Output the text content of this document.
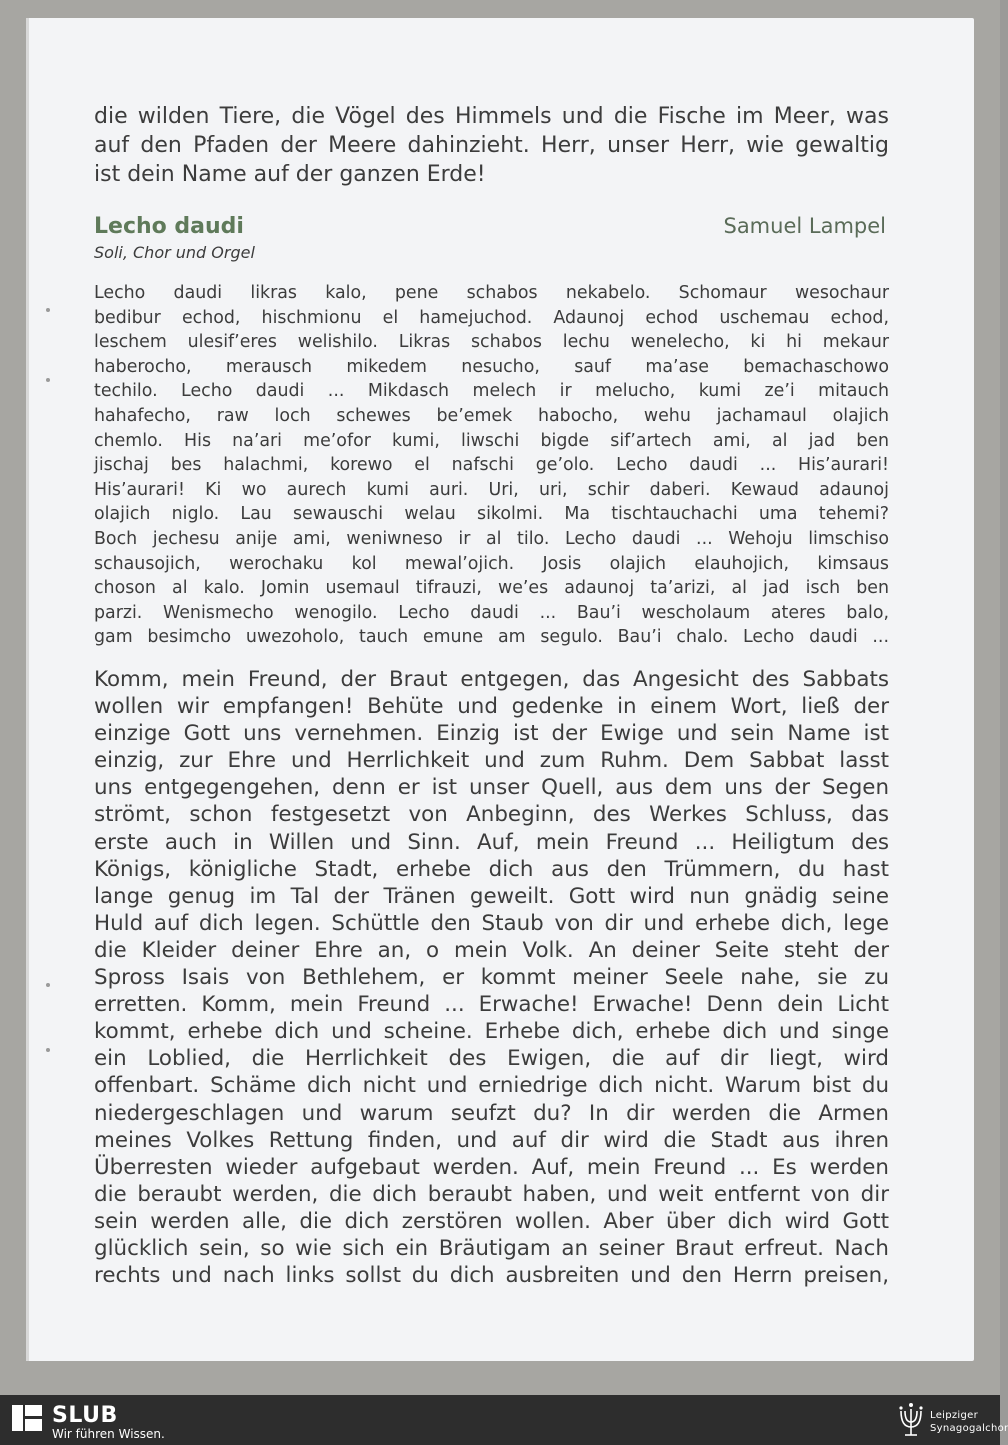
die wilden Tiere, die Vögel des Himmels und die Fische im Meer, was

auf den Pfaden der Meere dahinzieht. Herr, unser Herr, wie gewaltig

ist dein Name auf der ganzen Erde!

Lecho daudi	Samuel Lampel
Soli, Chor und Orgel

Lecho daudi likras kalo, pene schabos nekabelo. Schomaur wesochaur

bedibur echod, hischmionu el hamejuchod. Adaunoj echod uschemau echod,

leschem ulesif’eres welishilo. Likras schabos lechu wenelecho, ki hi mekaur

haberocho, merausch mikedem nesucho, sauf ma’ase bemachaschowo

techilo. Lecho daudi ... Mikdasch melech ir melucho, kumi ze’i mitauch

hahafecho, raw loch schewes be’emek habocho, wehu jachamaul olajich

chemlo. His na’ari me’ofor kumi, liwschi bigde sif’artech ami, al jad ben

jischaj bes halachmi, korewo el nafschi ge’olo. Lecho daudi ... His’aurari!

His’aurari! Ki wo aurech kumi auri. Uri, uri, schir daberi. Kewaud adaunoj

olajich niglo. Lau sewauschi welau sikolmi. Ma tischtauchachi uma tehemi?

Boch jechesu anije ami, weniwneso ir al tilo. Lecho daudi ... Wehoju limschiso

schausojich, werochaku kol mewal’ojich. Josis olajich elauhojich, kimsaus

choson al kalo. Jomin usemaul tifrauzi, we’es adaunoj ta’arizi, al jad isch ben

parzi. Wenismecho wenogilo. Lecho daudi ... Bau’i wescholaum ateres balo,

gam besimcho uwezoholo, tauch emune am segulo. Bau’i chalo. Lecho daudi ...

Komm, mein Freund, der Braut entgegen, das Angesicht des Sabbats

wollen wir empfangen! Behüte und gedenke in einem Wort, ließ der

einzige Gott uns vernehmen. Einzig ist der Ewige und sein Name ist

einzig, zur Ehre und Herrlichkeit und zum Ruhm. Dem Sabbat lasst

uns entgegengehen, denn er ist unser Quell, aus dem uns der Segen

strömt, schon festgesetzt von Anbeginn, des Werkes Schluss, das

erste auch in Willen und Sinn. Auf, mein Freund ... Heiligtum des

Königs, königliche Stadt, erhebe dich aus den Trümmern, du hast

lange genug im Tal der Tränen geweilt. Gott wird nun gnädig seine

Huld auf dich legen. Schüttle den Staub von dir und erhebe dich, lege

die Kleider deiner Ehre an, o mein Volk. An deiner Seite steht der

Spross Isais von Bethlehem, er kommt meiner Seele nahe, sie zu

erretten. Komm, mein Freund ... Erwache! Erwache! Denn dein Licht

kommt, erhebe dich und scheine. Erhebe dich, erhebe dich und singe

ein Loblied, die Herrlichkeit des Ewigen, die auf dir liegt, wird

offenbart. Schäme dich nicht und erniedrige dich nicht. Warum bist du

niedergeschlagen und warum seufzt du? In dir werden die Armen

meines Volkes Rettung finden, und auf dir wird die Stadt aus ihren

Überresten wieder aufgebaut werden. Auf, mein Freund ... Es werden

die beraubt werden, die dich beraubt haben, und weit entfernt von dir

sein werden alle, die dich zerstören wollen. Aber über dich wird Gott

glücklich sein, so wie sich ein Bräutigam an seiner Braut erfreut. Nach

rechts und nach links sollst du dich ausbreiten und den Herrn preisen,

SLUB
Wir führen Wissen.
Leipziger
Synagogalchor
